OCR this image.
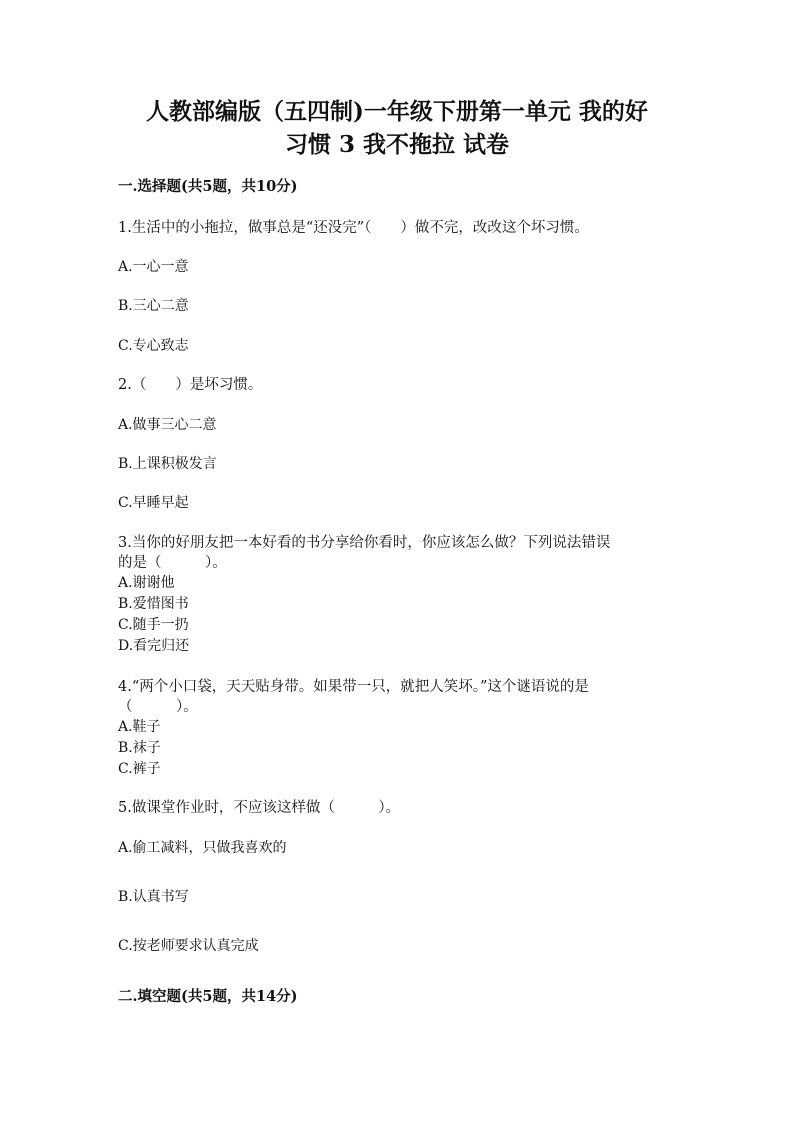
人教部编版（五四制)一年级下册第一单元 我的好
习惯 3 我不拖拉 试卷
一.选择题(共5题，共10分)
1.生活中的小拖拉，做事总是“还没完”（　　）做不完，改改这个坏习惯。
A.一心一意
B.三心二意
C.专心致志
2.（　　）是坏习惯。
A.做事三心二意
B.上课积极发言
C.早睡早起
3.当你的好朋友把一本好看的书分享给你看时，你应该怎么做？下列说法错误
的是（　　　）。
A.谢谢他
B.爱惜图书
C.随手一扔
D.看完归还
4.“两个小口袋，天天贴身带。如果带一只，就把人笑坏。”这个谜语说的是
（　　　）。
A.鞋子
B.袜子
C.裤子
5.做课堂作业时，不应该这样做（　　　）。
A.偷工减料，只做我喜欢的
B.认真书写
C.按老师要求认真完成
二.填空题(共5题，共14分)
